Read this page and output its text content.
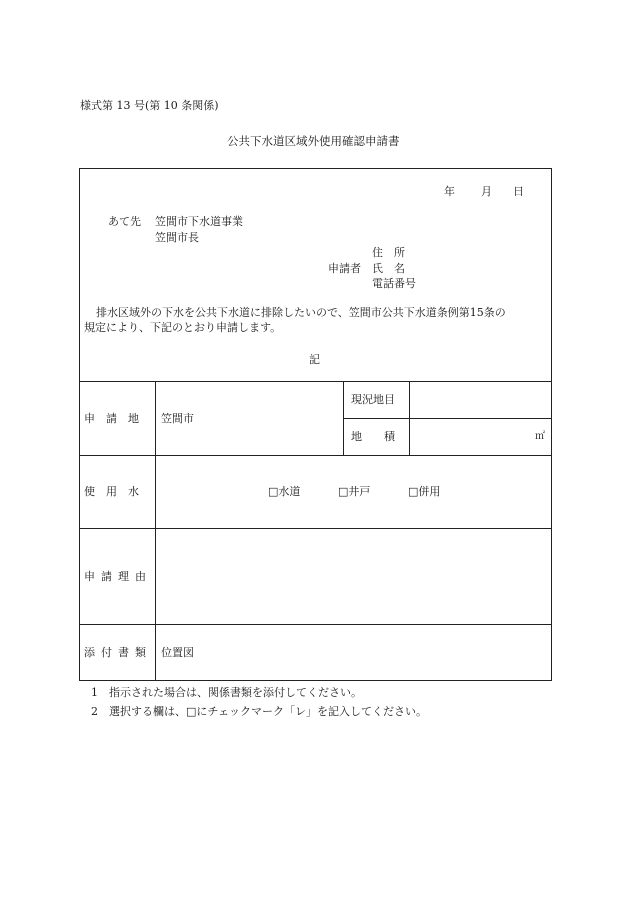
様式第 13 号(第 10 条関係)
公共下水道区域外使用確認申請書
年 月 日
あて先 笠間市下水道事業
笠間市長
住　所
申請者 氏　名
電話番号
排水区域外の下水を公共下水道に排除したいので、笠間市公共下水道条例第15条の
規定により、下記のとおり申請します。
記
申　請　地 笠間市
現況地目
地　　積	㎡
使　用　水	□水道	□井戸	□併用
申請理由
添付書類 位置図
1　指示された場合は、関係書類を添付してください。
2　選択する欄は、□にチェックマーク「レ」を記入してください。
